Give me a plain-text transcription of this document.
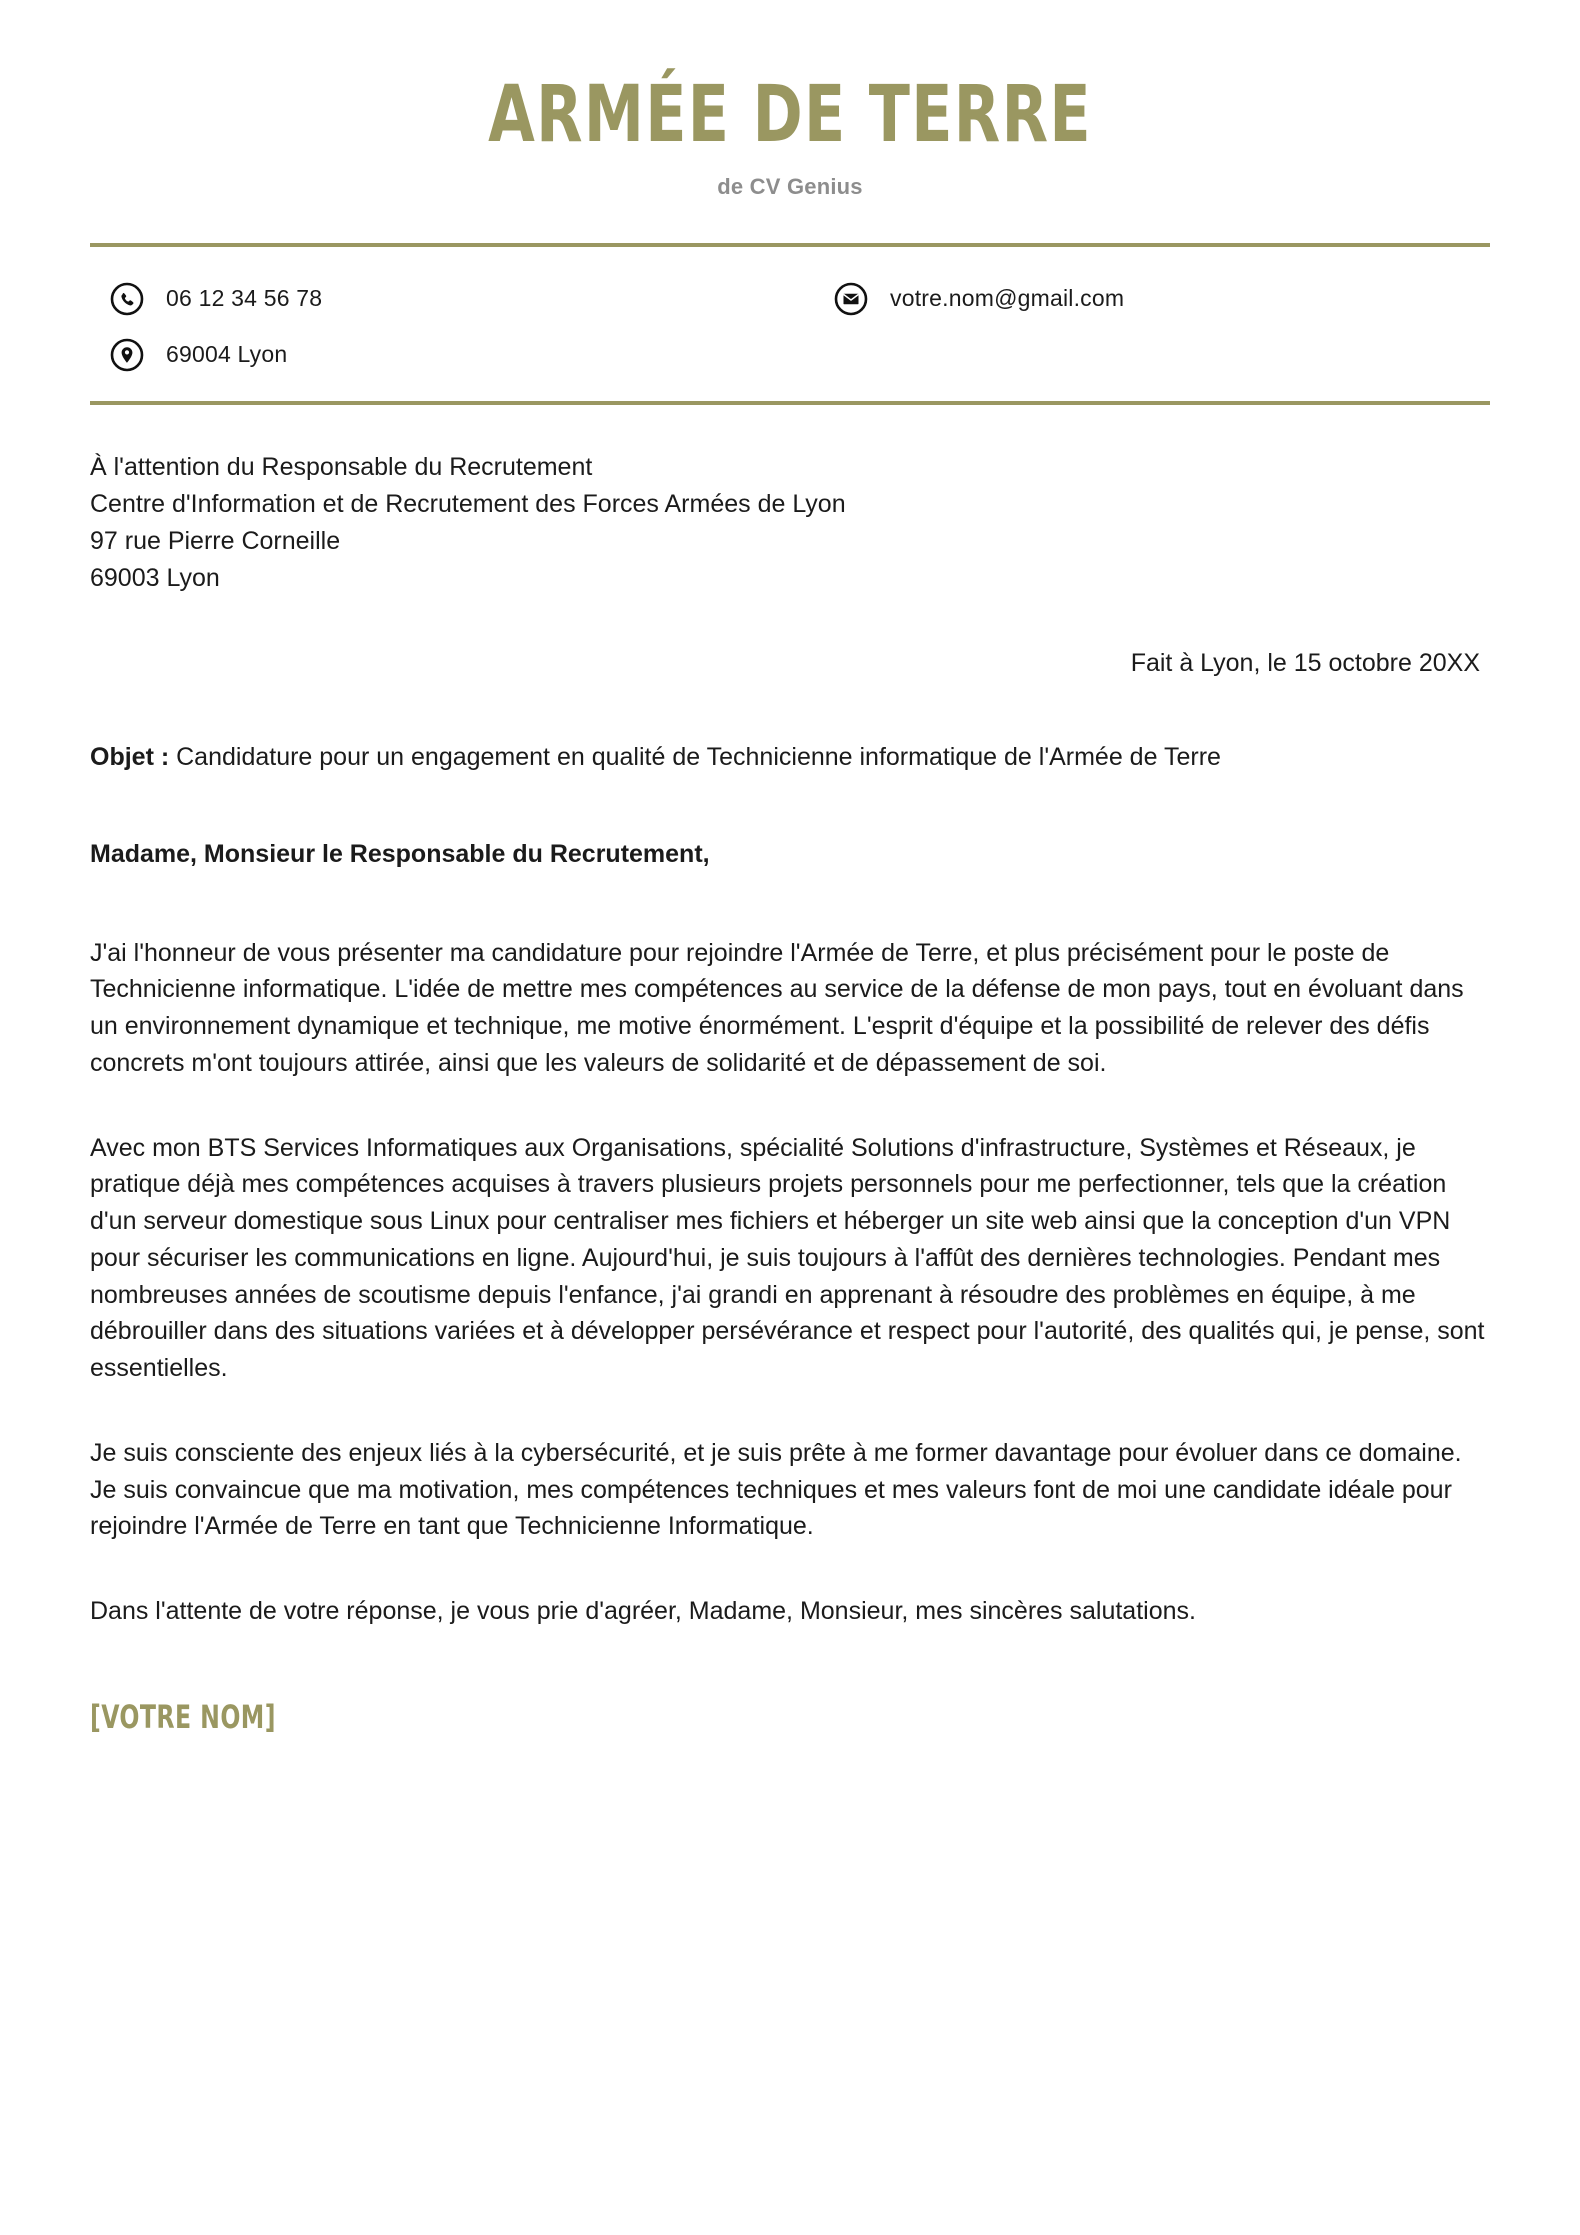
ARMÉE DE TERRE
de CV Genius
06 12 34 56 78	votre.nom@gmail.com
69004 Lyon
À l'attention du Responsable du Recrutement
Centre d'Information et de Recrutement des Forces Armées de Lyon
97 rue Pierre Corneille
69003 Lyon
Fait à Lyon, le 15 octobre 20XX
Objet : Candidature pour un engagement en qualité de Technicienne informatique de l'Armée de Terre
Madame, Monsieur le Responsable du Recrutement,

J'ai l'honneur de vous présenter ma candidature pour rejoindre l'Armée de Terre, et plus précisément pour le poste de Technicienne informatique. L'idée de mettre mes compétences au service de la défense de mon pays, tout en évoluant dans un environnement dynamique et technique, me motive énormément. L'esprit d'équipe et la possibilité de relever des défis concrets m'ont toujours attirée, ainsi que les valeurs de solidarité et de dépassement de soi.

Avec mon BTS Services Informatiques aux Organisations, spécialité Solutions d'infrastructure, Systèmes et Réseaux, je pratique déjà mes compétences acquises à travers plusieurs projets personnels pour me perfectionner, tels que la création d'un serveur domestique sous Linux pour centraliser mes fichiers et héberger un site web ainsi que la conception d'un VPN pour sécuriser les communications en ligne. Aujourd'hui, je suis toujours à l'affût des dernières technologies. Pendant mes nombreuses années de scoutisme depuis l'enfance, j'ai grandi en apprenant à résoudre des problèmes en équipe, à me débrouiller dans des situations variées et à développer persévérance et respect pour l'autorité, des qualités qui, je pense, sont essentielles.

Je suis consciente des enjeux liés à la cybersécurité, et je suis prête à me former davantage pour évoluer dans ce domaine. Je suis convaincue que ma motivation, mes compétences techniques et mes valeurs font de moi une candidate idéale pour rejoindre l'Armée de Terre en tant que Technicienne Informatique.

Dans l'attente de votre réponse, je vous prie d'agréer, Madame, Monsieur, mes sincères salutations.

[VOTRE NOM]
